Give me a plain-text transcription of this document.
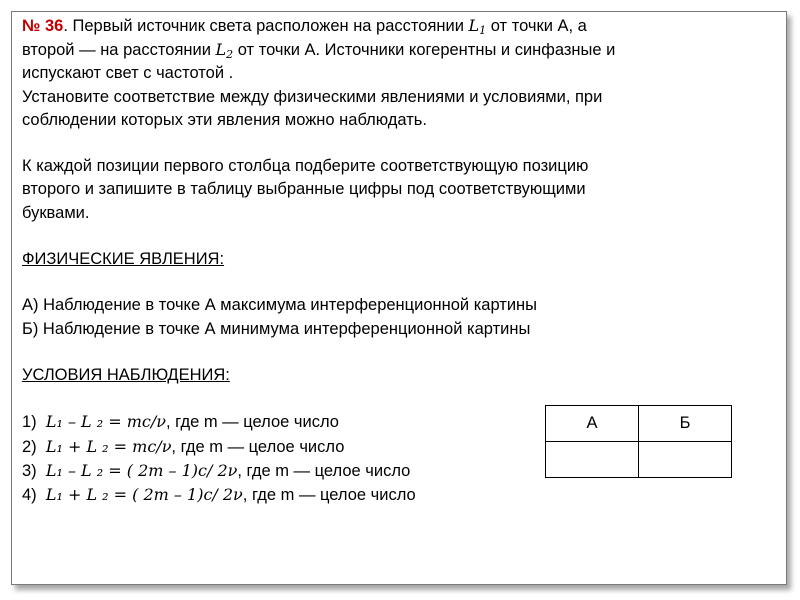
№ 36. Первый источник света расположен на расстоянии $L_1$ от точки А, а

второй — на расстоянии $L_2$ от точки А. Источники когерентны и синфазные и

испускают свет с частотой .

Установите соответствие между физическими явлениями и условиями, при

соблюдении которых эти явления можно наблюдать.

К каждой позиции первого столбца подберите соответствующую позицию

второго и запишите в таблицу выбранные цифры под соответствующими

буквами.

ФИЗИЧЕСКИЕ ЯВЛЕНИЯ:

А) Наблюдение в точке А максимума интерференционной картины

Б) Наблюдение в точке А минимума интерференционной картины

УСЛОВИЯ НАБЛЮДЕНИЯ:

1) L₁ – L ₂ = mc/ν, где m — целое число

2) L₁ + L ₂ = mc/ν, где m — целое число

3) L₁ – L ₂ = ( 2m – 1)c/ 2ν, где m — целое число

4) L₁ + L ₂ = ( 2m – 1)c/ 2ν, где m — целое число

А	Б
